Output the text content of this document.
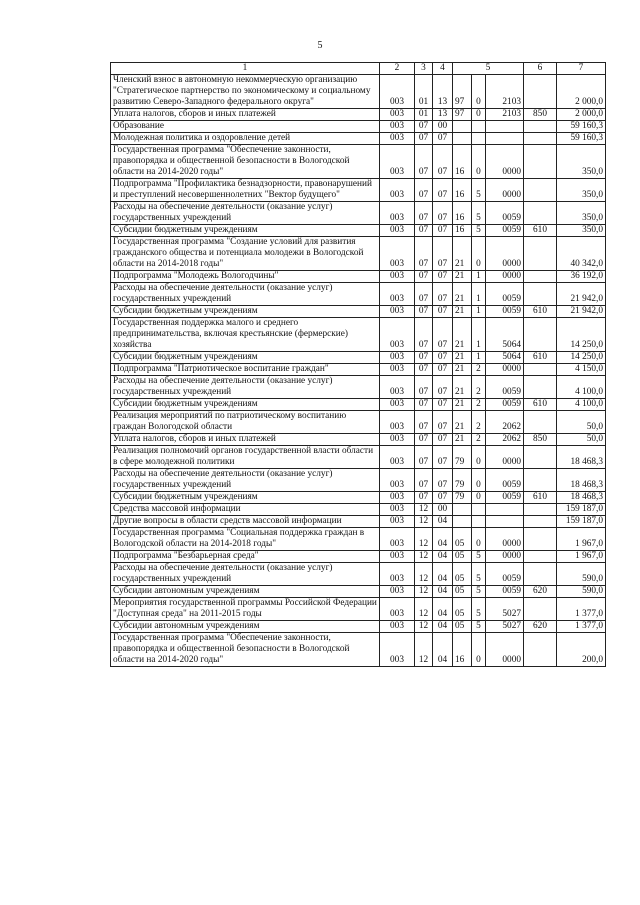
5
1	2	3	4	5			6	7
Членский взнос в автономную некоммерческую организацию "Стратегическое партнерство по экономическому и социальному развитию Северо-Западного федерального округа"	003	01	13	97	0	2103		2 000,0
Уплата налогов, сборов и иных платежей	003	01	13	97	0	2103	850	2 000,0
Образование	003	07	00					59 160,3
Молодежная политика и оздоровление детей	003	07	07					59 160,3
Государственная программа "Обеспечение законности, правопорядка и общественной безопасности в Вологодской области на 2014-2020 годы"	003	07	07	16	0	0000		350,0
Подпрограмма "Профилактика безнадзорности, правонарушений и преступлений несовершеннолетних "Вектор будущего"	003	07	07	16	5	0000		350,0
Расходы на обеспечение деятельности (оказание услуг) государственных учреждений	003	07	07	16	5	0059		350,0
Субсидии бюджетным учреждениям	003	07	07	16	5	0059	610	350,0
Государственная программа "Создание условий для развития гражданского общества и потенциала молодежи в Вологодской области на 2014-2018 годы"	003	07	07	21	0	0000		40 342,0
Подпрограмма "Молодежь Вологодчины"	003	07	07	21	1	0000		36 192,0
Расходы на обеспечение деятельности (оказание услуг) государственных учреждений	003	07	07	21	1	0059		21 942,0
Субсидии бюджетным учреждениям	003	07	07	21	1	0059	610	21 942,0
Государственная поддержка малого и среднего предпринимательства, включая крестьянские (фермерские) хозяйства	003	07	07	21	1	5064		14 250,0
Субсидии бюджетным учреждениям	003	07	07	21	1	5064	610	14 250,0
Подпрограмма "Патриотическое воспитание граждан"	003	07	07	21	2	0000		4 150,0
Расходы на обеспечение деятельности (оказание услуг) государственных учреждений	003	07	07	21	2	0059		4 100,0
Субсидии бюджетным учреждениям	003	07	07	21	2	0059	610	4 100,0
Реализация мероприятий по патриотическому воспитанию граждан Вологодской области	003	07	07	21	2	2062		50,0
Уплата налогов, сборов и иных платежей	003	07	07	21	2	2062	850	50,0
Реализация полномочий органов государственной власти области в сфере молодежной политики	003	07	07	79	0	0000		18 468,3
Расходы на обеспечение деятельности (оказание услуг) государственных учреждений	003	07	07	79	0	0059		18 468,3
Субсидии бюджетным учреждениям	003	07	07	79	0	0059	610	18 468,3
Средства массовой информации	003	12	00					159 187,0
Другие вопросы в области средств массовой информации	003	12	04					159 187,0
Государственная программа "Социальная поддержка граждан в Вологодской области на 2014-2018 годы"	003	12	04	05	0	0000		1 967,0
Подпрограмма "Безбарьерная среда"	003	12	04	05	5	0000		1 967,0
Расходы на обеспечение деятельности (оказание услуг) государственных учреждений	003	12	04	05	5	0059		590,0
Субсидии автономным учреждениям	003	12	04	05	5	0059	620	590,0
Мероприятия государственной программы Российской Федерации "Доступная среда" на 2011-2015 годы	003	12	04	05	5	5027		1 377,0
Субсидии автономным учреждениям	003	12	04	05	5	5027	620	1 377,0
Государственная программа "Обеспечение законности, правопорядка и общественной безопасности в Вологодской области на 2014-2020 годы"	003	12	04	16	0	0000		200,0
